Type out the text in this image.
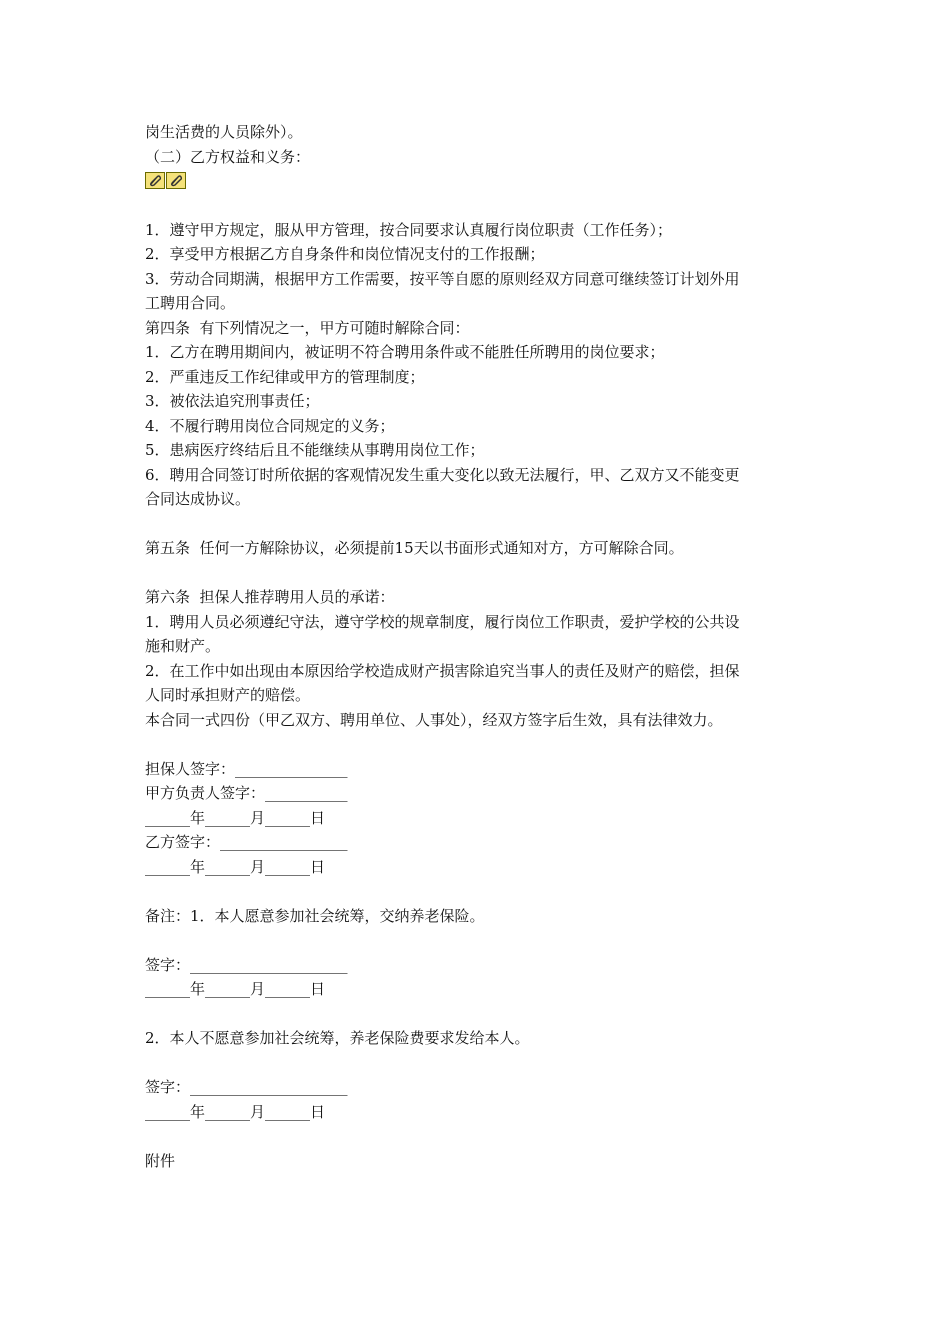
岗生活费的人员除外）。
（二）乙方权益和义务：
1．遵守甲方规定，服从甲方管理，按合同要求认真履行岗位职责（工作任务）；
2．享受甲方根据乙方自身条件和岗位情况支付的工作报酬；
3．劳动合同期满，根据甲方工作需要，按平等自愿的原则经双方同意可继续签订计划外用
工聘用合同。
第四条  有下列情况之一，甲方可随时解除合同：
1．乙方在聘用期间内，被证明不符合聘用条件或不能胜任所聘用的岗位要求；
2．严重违反工作纪律或甲方的管理制度；
3．被依法追究刑事责任；
4．不履行聘用岗位合同规定的义务；
5．患病医疗终结后且不能继续从事聘用岗位工作；
6．聘用合同签订时所依据的客观情况发生重大变化以致无法履行，甲、乙双方又不能变更
合同达成协议。
第五条  任何一方解除协议，必须提前15天以书面形式通知对方，方可解除合同。
第六条  担保人推荐聘用人员的承诺：
1．聘用人员必须遵纪守法，遵守学校的规章制度，履行岗位工作职责，爱护学校的公共设
施和财产。
2．在工作中如出现由本原因给学校造成财产损害除追究当事人的责任及财产的赔偿，担保
人同时承担财产的赔偿。
本合同一式四份（甲乙双方、聘用单位、人事处），经双方签字后生效，具有法律效力。
担保人签字：_______________
甲方负责人签字：___________
______年______月______日
乙方签字：_________________
______年______月______日
备注：1．本人愿意参加社会统筹，交纳养老保险。
签字：_____________________
______年______月______日
2．本人不愿意参加社会统筹，养老保险费要求发给本人。
签字：_____________________
______年______月______日
附件
